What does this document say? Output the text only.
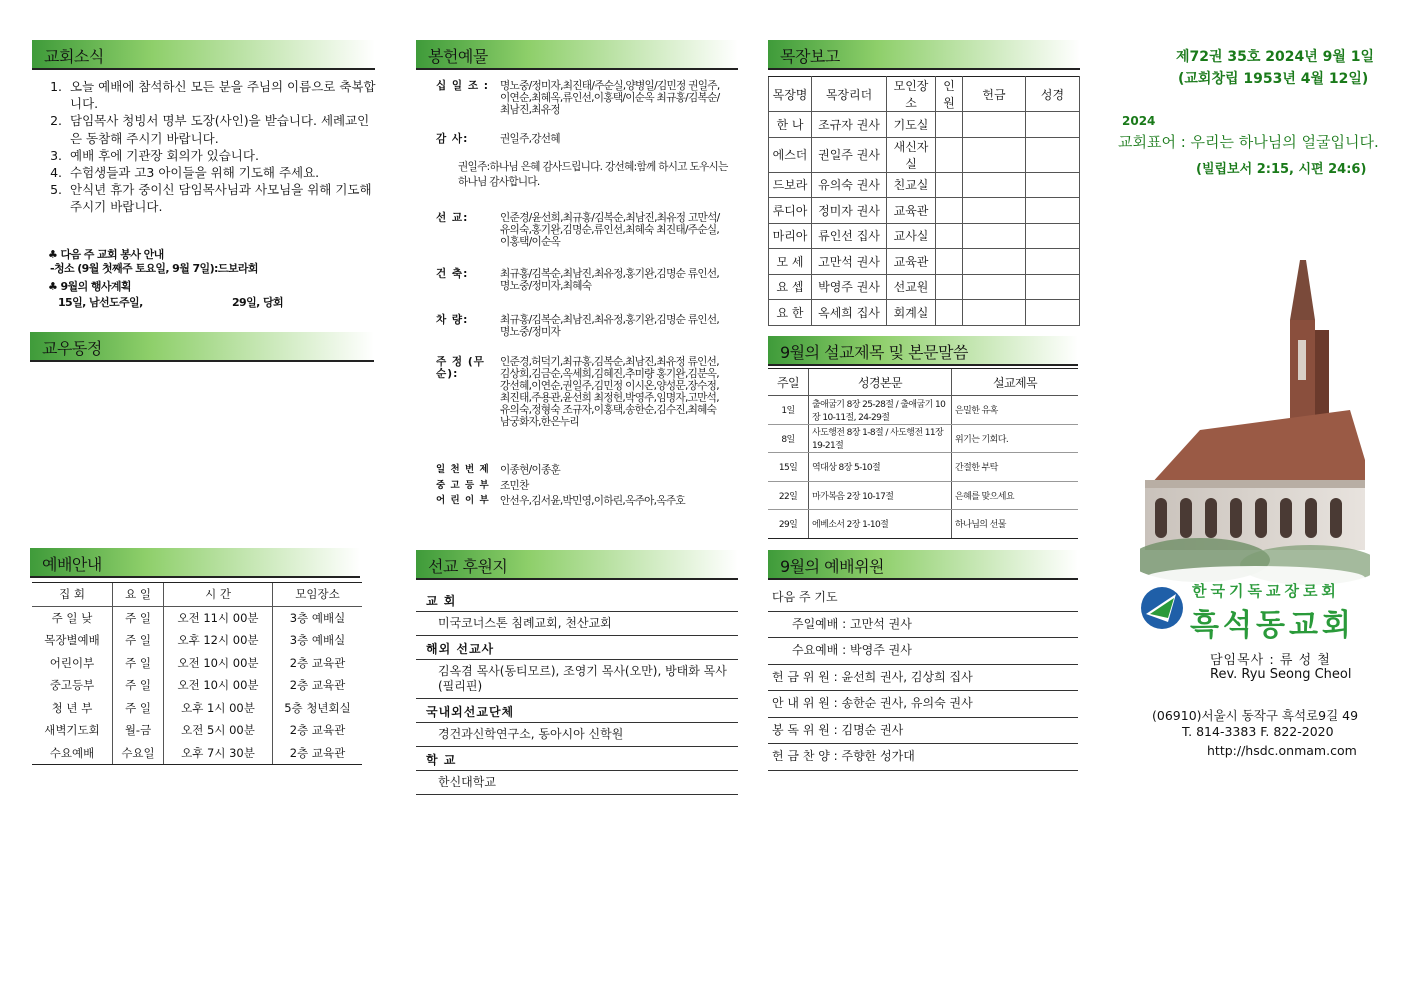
교회소식
1. 오늘 예배에 참석하신 모든 분을 주님의 이름으로 축복합니다.
2. 담임목사 청빙서 명부 도장(사인)을 받습니다. 세례교인은 동참해 주시기 바랍니다.
3. 예배 후에 기관장 회의가 있습니다.
4. 수험생들과 고3 아이들을 위해 기도해 주세요.
5. 안식년 휴가 중이신 담임목사님과 사모님을 위해 기도해 주시기 바랍니다.
♣ 다음 주 교회 봉사 안내
-청소 (9월 첫째주 토요일, 9월 7일):드보라회
♣ 9월의 행사계획
15일, 남선도주일,	29일, 당회
교우동정
예배안내
집 회	요 일	시 간	모임장소
주 일 낮	주 일	오전 11시 00분	3층 예배실
목장별예배	주 일	오후 12시 00분	3층 예배실
어린이부	주 일	오전 10시 00분	2층 교육관
중고등부	주 일	오전 10시 00분	2층 교육관
청 년 부	주 일	오후 1시 00분	5층 청년회실
새벽기도회	월-금	오전 5시 00분	2층 교육관
수요예배	수요일	오후 7시 30분	2층 교육관
봉헌예물
십 일 조 : 명노중/정미자,최진태/주순실,양병일/김민정 권일주,이연순,최혜옥,류인선,이홍택/이순옥 최규홍/김복순/최남진,최유정
감 사:	권일주,강선혜
권일주:하나님 은혜 감사드립니다. 강선혜:함께 하시고 도우시는 하나님 감사합니다.
선 교:	인준경/윤선희,최규홍/김복순,최남진,최유정 고만석/유의숙,홍기완,김명순,류인선,최혜숙 최진태/주순실,이홍택/이순옥
건 축:	최규홍/김복순,최남진,최유정,홍기완,김명순 류인선,명노중/정미자,최혜숙
차 량:	최규홍/김복순,최남진,최유정,홍기완,김명순 류인선,명노중/정미자
주 정 (무 순):
인준경,허덕기,최규홍,김복순,최남진,최유정 류인선,김상희,김금순,옥세희,김혜진,추미량 홍기완,김분옥,강선혜,이연순,권일주,김민정 이시온,양성문,장수정,최진태,주용관,윤선희 최정헌,박영주,임명자,고만석,유의숙,정형숙 조규자,이홍택,송한순,김수진,최혜숙 남궁화자,한은누리
일 천 번 제 이종현/이종훈
중 고 등 부 조민찬
어 린 이 부 안선우,김서윤,박민영,이하린,옥주아,옥주호
선교 후원지
교 회
미국코너스톤 침례교회, 천산교회
해외 선교사
김옥겸 목사(동티모르), 조영기 목사(오만), 방태화 목사(필리핀)
국내외선교단체
경건과신학연구소, 동아시아 신학원
학 교
한신대학교
목장보고
목장명	목장리더	모인장소	인원	헌금	성경
한 나	조규자 권사	기도실			
에스더	권일주 권사	새신자실			
드보라	유의숙 권사	친교실			
루디아	정미자 권사	교육관			
마리아	류인선 집사	교사실			
모 세	고만석 권사	교육관			
요 셉	박영주 권사	선교원			
요 한	옥세희 집사	회계실			
9월의 설교제목 및 본문말씀
주일	성경본문	설교제목
1일	출애굽기 8장 25-28절 / 출애굽기 10장 10-11절, 24-29절	은밀한 유혹
8일	사도행전 8장 1-8절 / 사도행전 11장 19-21절	위기는 기회다.
15일	역대상 8장 5-10절	간절한 부탁
22일	마가복음 2장 10-17절	은혜를 맞으세요
29일	에베소서 2장 1-10절	하나님의 선물
9월의 예배위원
다음 주 기도
주일예배 : 고만석 권사
수요예배 : 박영주 권사
헌 금 위 원 : 윤선희 권사, 김상희 집사
안 내 위 원 : 송한순 권사, 유의숙 권사
봉 독 위 원 : 김명순 권사
헌 금 찬 양 : 주향한 성가대
제72권 35호 2024년 9월 1일
(교회창립 1953년 4월 12일)
2024
교회표어 : 우리는 하나님의 얼굴입니다.
(빌립보서 2:15, 시편 24:6)
한국기독교장로회
흑석동교회
담임목사 : 류 성 철
Rev. Ryu Seong Cheol
(06910)서울시 동작구 흑석로9길 49
T. 814-3383 F. 822-2020
http://hsdc.onmam.com
